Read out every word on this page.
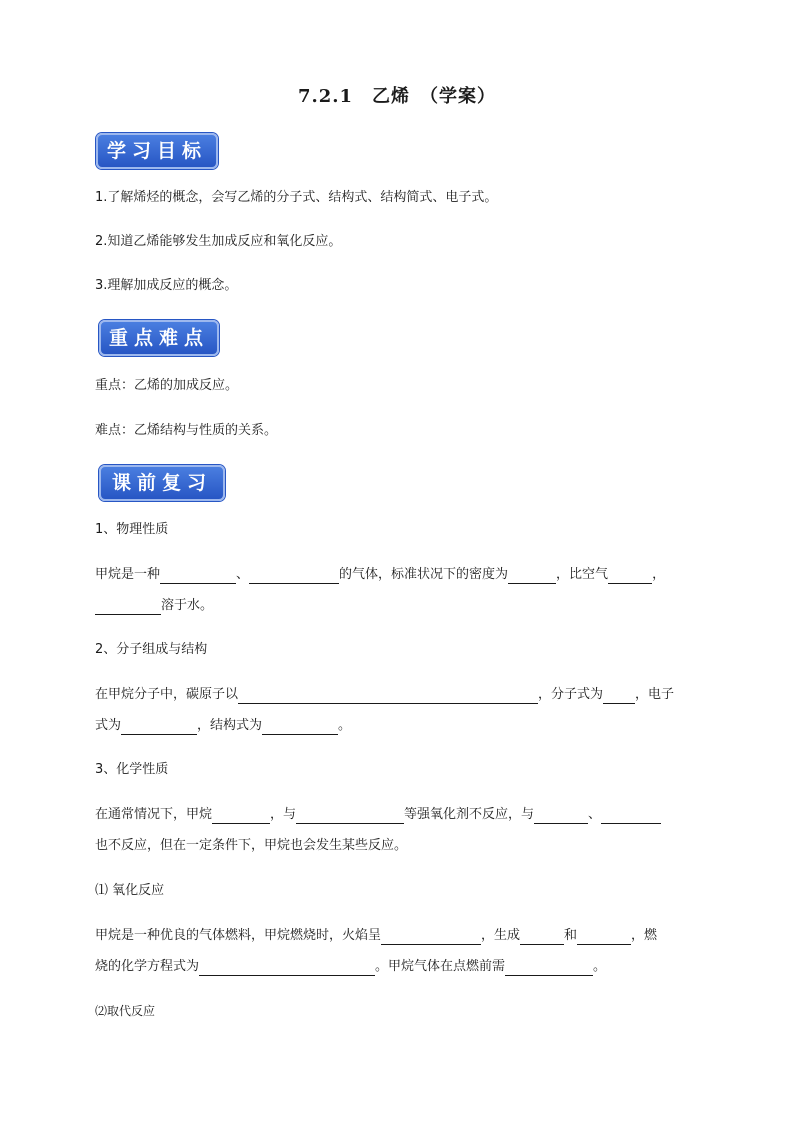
7.2.1　乙烯　（学案）
学习目标
1.了解烯烃的概念，会写乙烯的分子式、结构式、结构简式、电子式。
2.知道乙烯能够发生加成反应和氧化反应。
3.理解加成反应的概念。
重点难点
重点：乙烯的加成反应。
难点：乙烯结构与性质的关系。
课前复习
1、物理性质
甲烷是一种	、	的气体，标准状况下的密度为	，比空气	，
溶于水。
2、分子组成与结构
在甲烷分子中，碳原子以	，分子式为 ，电子
式为	，结构式为	。
3、化学性质
在通常情况下，甲烷	，与	等强氧化剂不反应，与	、
也不反应，但在一定条件下，甲烷也会发生某些反应。
⑴ 氧化反应
甲烷是一种优良的气体燃料，甲烷燃烧时，火焰呈	，生成	和	，燃
烧的化学方程式为	。甲烷气体在点燃前需	。
⑵取代反应
